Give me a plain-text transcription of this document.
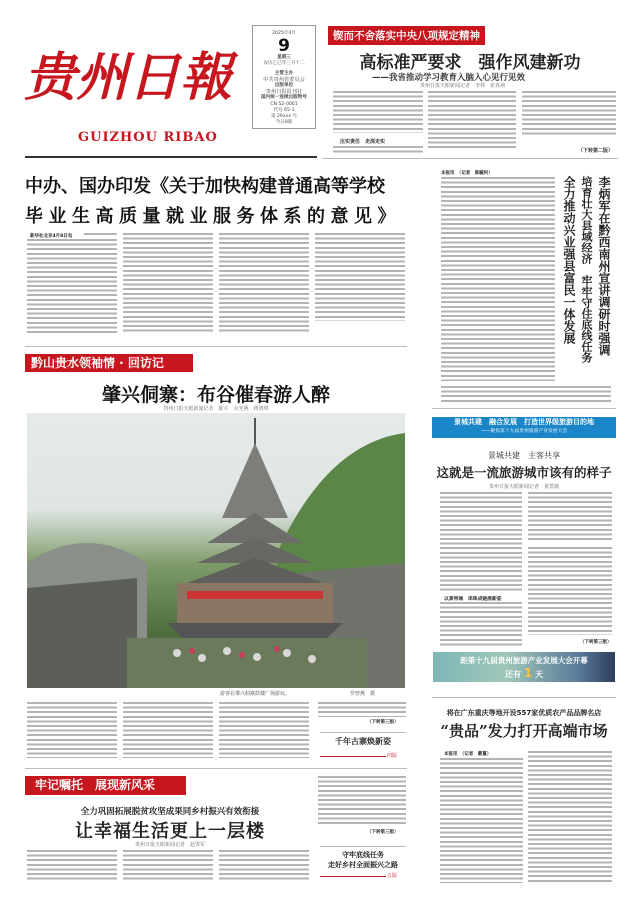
贵州日報
GUIZHOU RIBAO
2025年4月
9
星期三
农历乙巳年三月十二
主管主办
中共贵州省委员会
出版单位
贵州日报报刊社
国内统一连续出版物号
CN 52-0001
代号 65-1
第 26xxx 号
今日8版
锲而不舍落实中央八项规定精神
高标准严要求　强作风建新功
——我省推动学习教育入脑入心见行见效
贵州日报天眼新闻记者　李林　张真祯
压实责任　走深走实
（下转第二版）
中办、国办印发《关于加快构建普通高等学校
毕业生高质量就业服务体系的意见》
新华社北京4月8日电
本报讯　（记者　陈毓钊）
李炳军在黔西南州宣讲调研时强调
培育壮大县域经济　牢牢守住底线任务
全力推动兴业强县富民一体发展
黔山贵水领袖情 · 回访记
肇兴侗寨：布谷催春游人醉
贵州日报天眼新闻记者　陈卉　余光燕　蒋鸿琪
游客在肇兴侗寨鼓楼广场游玩。	罗曾燕　摄
（下转第三版）
千年古寨焕新姿
四版
牢记嘱托　展现新风采
全力巩固拓展脱贫攻坚成果同乡村振兴有效衔接
让幸福生活更上一层楼
贵州日报天眼新闻记者　赵霁军
（下转第三版）
守牢底线任务
走好乡村全面振兴之路
五版
景城共建　融合发展　打造世界级旅游目的地
——聚焦第十九届贵州旅游产业发展大会
景城共建　主客共享
这就是一流旅游城市该有的样子
贵州日报天眼新闻记者　黄蔷薇
以景带城　串珠成链展新姿
（下转第三版）
距第十九届贵州旅游产业发展大会开幕
还有 1 天
将在广东重庆等地开设557家优质农产品品牌名店
“贵品”发力打开高端市场
本报讯　（记者　蒙蔓）
